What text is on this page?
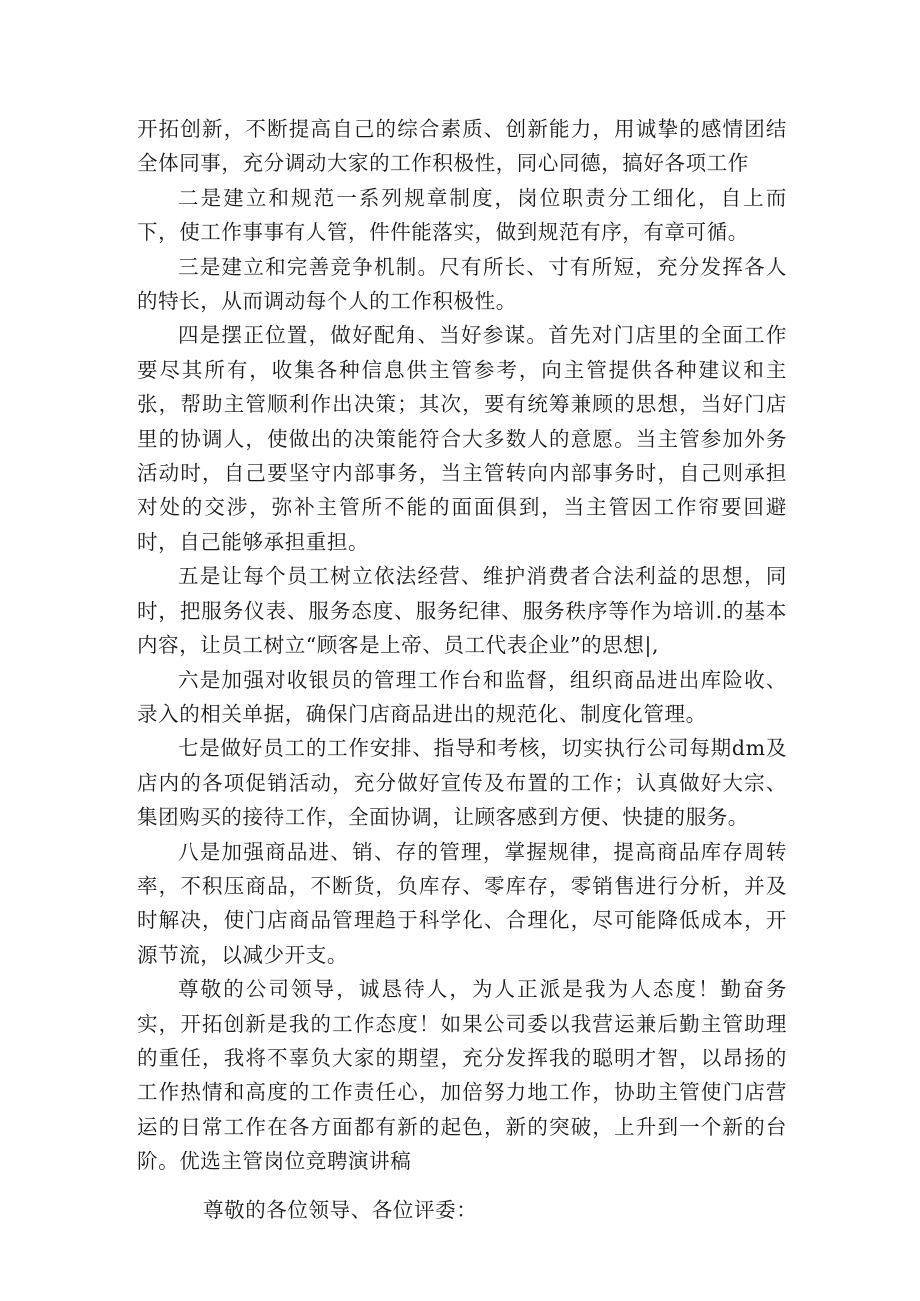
开拓创新，不断提高自己的综合素质、创新能力，用诚挚的感情团结全体同事，充分调动大家的工作积极性，同心同德，搞好各项工作

二是建立和规范一系列规章制度，岗位职责分工细化，自上而下，使工作事事有人管，件件能落实，做到规范有序，有章可循。

三是建立和完善竞争机制。尺有所长、寸有所短，充分发挥各人的特长，从而调动每个人的工作积极性。

四是摆正位置，做好配角、当好参谋。首先对门店里的全面工作要尽其所有，收集各种信息供主管参考，向主管提供各种建议和主张，帮助主管顺利作出决策；其次，要有统筹兼顾的思想，当好门店里的协调人，使做出的决策能符合大多数人的意愿。当主管参加外务活动时，自己要坚守内部事务，当主管转向内部事务时，自己则承担对处的交涉，弥补主管所不能的面面俱到，当主管因工作帘要回避时，自己能够承担重担。

五是让每个员工树立依法经营、维护消费者合法利益的思想，同时，把服务仪表、服务态度、服务纪律、服务秩序等作为培训.的基本内容，让员工树立“顾客是上帝、员工代表企业”的思想|,

六是加强对收银员的管理工作台和监督，组织商品进出库险收、录入的相关单据，确保门店商品进出的规范化、制度化管理。

七是做好员工的工作安排、指导和考核，切实执行公司每期dm及店内的各项促销活动，充分做好宣传及布置的工作；认真做好大宗、集团购买的接待工作，全面协调，让顾客感到方便、快捷的服务。

八是加强商品进、销、存的管理，掌握规律，提高商品库存周转率，不积压商品，不断货，负库存、零库存，零销售进行分析，并及时解决，使门店商品管理趋于科学化、合理化，尽可能降低成本，开源节流，以减少开支。

尊敬的公司领导，诚恳待人，为人正派是我为人态度！勤奋务实，开拓创新是我的工作态度！如果公司委以我营运兼后勤主管助理的重任，我将不辜负大家的期望，充分发挥我的聪明才智，以昂扬的工作热情和高度的工作责任心，加倍努力地工作，协助主管使门店营运的日常工作在各方面都有新的起色，新的突破，上升到一个新的台阶。优选主管岗位竞聘演讲稿

尊敬的各位领导、各位评委：
